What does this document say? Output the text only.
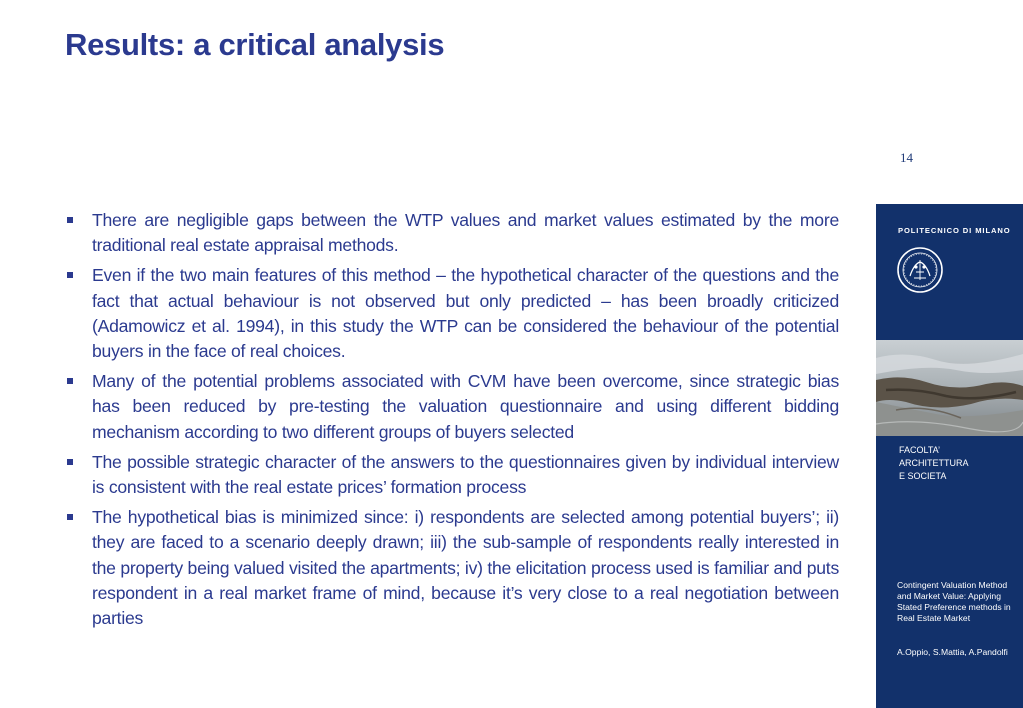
Results: a critical analysis
14
There are negligible gaps between the WTP values and market values estimated by the more traditional real estate appraisal methods.
Even if the two main features of this method – the hypothetical character of the questions and the fact that actual behaviour is not observed but only predicted – has been broadly criticized (Adamowicz et al. 1994), in this study the WTP can be considered the behaviour of the potential buyers in the face of real choices.
Many of the potential problems associated with CVM have been overcome, since strategic bias has been reduced by pre-testing the valuation questionnaire and using different bidding mechanism according to two different groups of buyers selected
The possible strategic character of the answers to the questionnaires given by individual interview is consistent with the real estate prices’ formation process
The hypothetical bias is minimized since: i) respondents are selected among potential buyers’; ii) they are faced to a scenario deeply drawn; iii) the sub-sample of respondents really interested in the property being valued visited the apartments; iv) the elicitation process used is familiar and puts respondent in a real market frame of mind, because it’s very close to a real negotiation between parties
POLITECNICO DI MILANO
FACOLTA’
ARCHITETTURA
E SOCIETA
Contingent Valuation Method and Market Value: Applying Stated Preference methods in Real Estate Market
A.Oppio, S.Mattia, A.Pandolfi
